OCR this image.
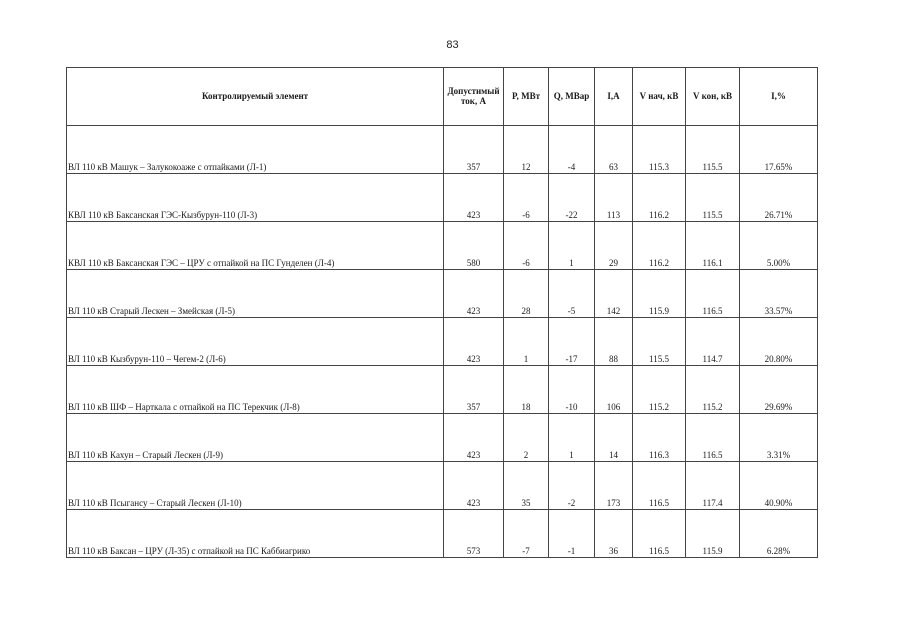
83
Контролируемый элемент	Допустимый ток, А	P, МВт	Q, МВар	I,A	V нач, кВ	V кон, кВ	I,%
ВЛ 110 кВ Машук – Залукокоаже с отпайками (Л-1)	357	12	-4	63	115.3	115.5	17.65%
КВЛ 110 кВ Баксанская ГЭС-Кызбурун-110 (Л-3)	423	-6	-22	113	116.2	115.5	26.71%
КВЛ 110 кВ Баксанская ГЭС – ЦРУ с отпайкой на ПС Гунделен (Л-4)	580	-6	1	29	116.2	116.1	5.00%
ВЛ 110 кВ Старый Лескен – Змейская (Л-5)	423	28	-5	142	115.9	116.5	33.57%
ВЛ 110 кВ Кызбурун-110 – Чегем-2 (Л-6)	423	1	-17	88	115.5	114.7	20.80%
ВЛ 110 кВ ШФ – Нарткала с отпайкой на ПС Терекчик (Л-8)	357	18	-10	106	115.2	115.2	29.69%
ВЛ 110 кВ Кахун – Старый Лескен (Л-9)	423	2	1	14	116.3	116.5	3.31%
ВЛ 110 кВ Псыгансу – Старый Лескен (Л-10)	423	35	-2	173	116.5	117.4	40.90%
ВЛ 110 кВ Баксан – ЦРУ (Л-35) с отпайкой на ПС Каббиагрико	573	-7	-1	36	116.5	115.9	6.28%
